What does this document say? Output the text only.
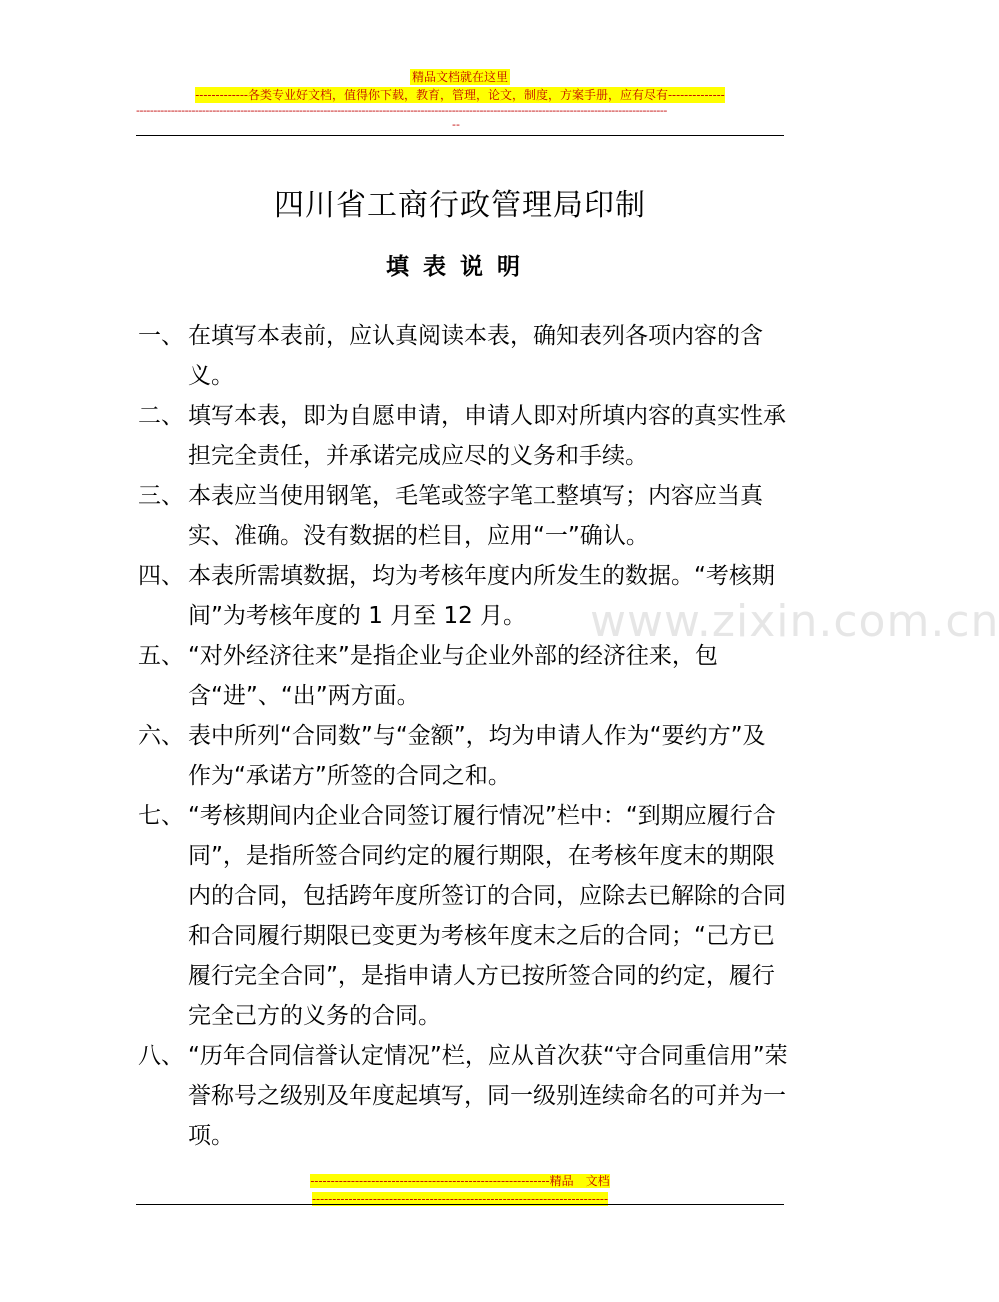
精品文档就在这里
-------------各类专业好文档，值得你下载，教育，管理，论文，制度，方案手册，应有尽有--------------
---------------------------------------------------------------------------------------------------------------------------------------------------------
--
四川省工商行政管理局印制
填表说明
www.zixin.com.cn
一、 在填写本表前，应认真阅读本表，确知表列各项内容的含义。
二、 填写本表，即为自愿申请，申请人即对所填内容的真实性承担完全责任，并承诺完成应尽的义务和手续。
三、 本表应当使用钢笔，毛笔或签字笔工整填写；内容应当真实、准确。没有数据的栏目，应用“一”确认。
四、 本表所需填数据，均为考核年度内所发生的数据。“考核期间”为考核年度的 1 月至 12 月。
五、 “对外经济往来”是指企业与企业外部的经济往来，包含“进”、“出”两方面。
六、 表中所列“合同数”与“金额”，均为申请人作为“要约方”及作为“承诺方”所签的合同之和。
七、 “考核期间内企业合同签订履行情况”栏中：“到期应履行合同”，是指所签合同约定的履行期限，在考核年度末的期限内的合同，包括跨年度所签订的合同，应除去已解除的合同和合同履行期限已变更为考核年度末之后的合同；“己方已履行完全合同”，是指申请人方已按所签合同的约定，履行完全己方的义务的合同。
八、 “历年合同信誉认定情况”栏，应从首次获“守合同重信用”荣誉称号之级别及年度起填写，同一级别连续命名的可并为一项。
-----------------------------------------------------------精品　文档
-------------------------------------------------------------------------
